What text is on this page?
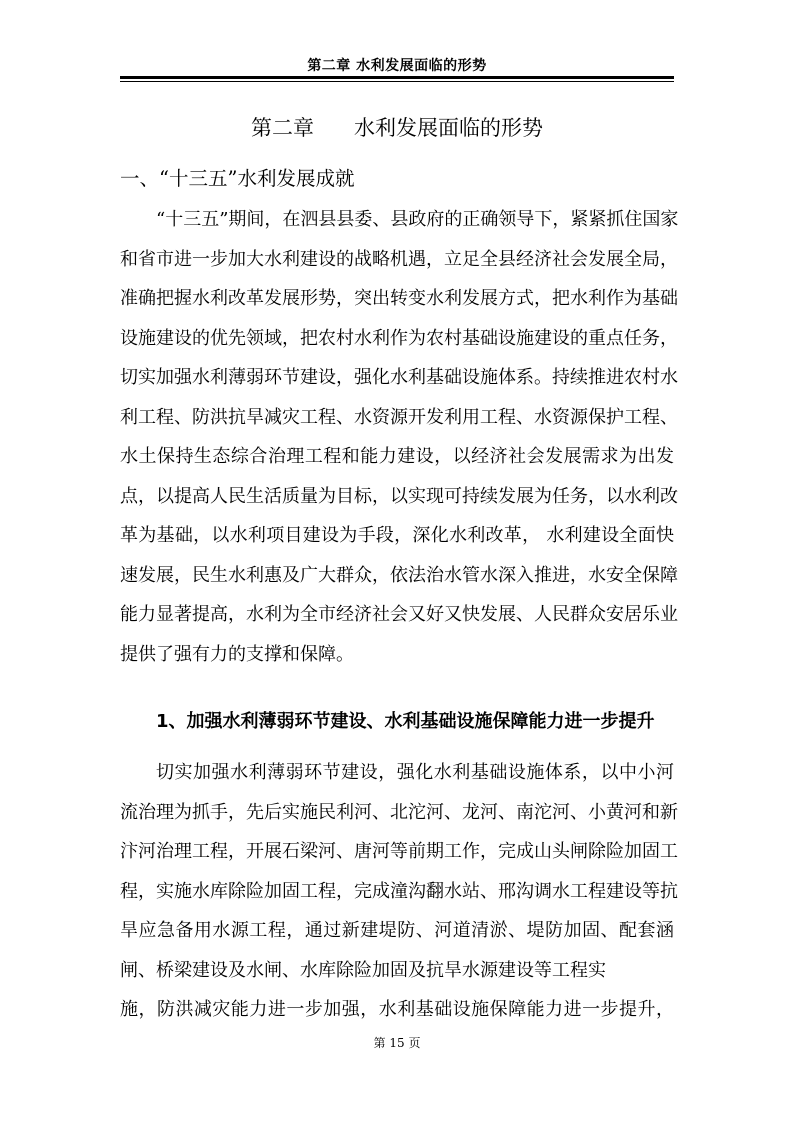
第二章 水利发展面临的形势
第二章      水利发展面临的形势
一、“十三五”水利发展成就
“十三五”期间，在泗县县委、县政府的正确领导下，紧紧抓住国家
和省市进一步加大水利建设的战略机遇，立足全县经济社会发展全局，
准确把握水利改革发展形势，突出转变水利发展方式，把水利作为基础
设施建设的优先领域，把农村水利作为农村基础设施建设的重点任务，
切实加强水利薄弱环节建设，强化水利基础设施体系。持续推进农村水
利工程、防洪抗旱减灾工程、水资源开发利用工程、水资源保护工程、
水土保持生态综合治理工程和能力建设，以经济社会发展需求为出发
点，以提高人民生活质量为目标，以实现可持续发展为任务，以水利改
革为基础，以水利项目建设为手段，深化水利改革， 水利建设全面快
速发展，民生水利惠及广大群众，依法治水管水深入推进，水安全保障
能力显著提高，水利为全市经济社会又好又快发展、人民群众安居乐业
提供了强有力的支撑和保障。
1、加强水利薄弱环节建设、水利基础设施保障能力进一步提升
切实加强水利薄弱环节建设，强化水利基础设施体系，以中小河
流治理为抓手，先后实施民利河、北沱河、龙河、南沱河、小黄河和新
汴河治理工程，开展石梁河、唐河等前期工作，完成山头闸除险加固工
程，实施水库除险加固工程，完成潼沟翻水站、邢沟调水工程建设等抗
旱应急备用水源工程，通过新建堤防、河道清淤、堤防加固、配套涵
闸、桥梁建设及水闸、水库除险加固及抗旱水源建设等工程实
施，防洪减灾能力进一步加强，水利基础设施保障能力进一步提升，
第 15 页
